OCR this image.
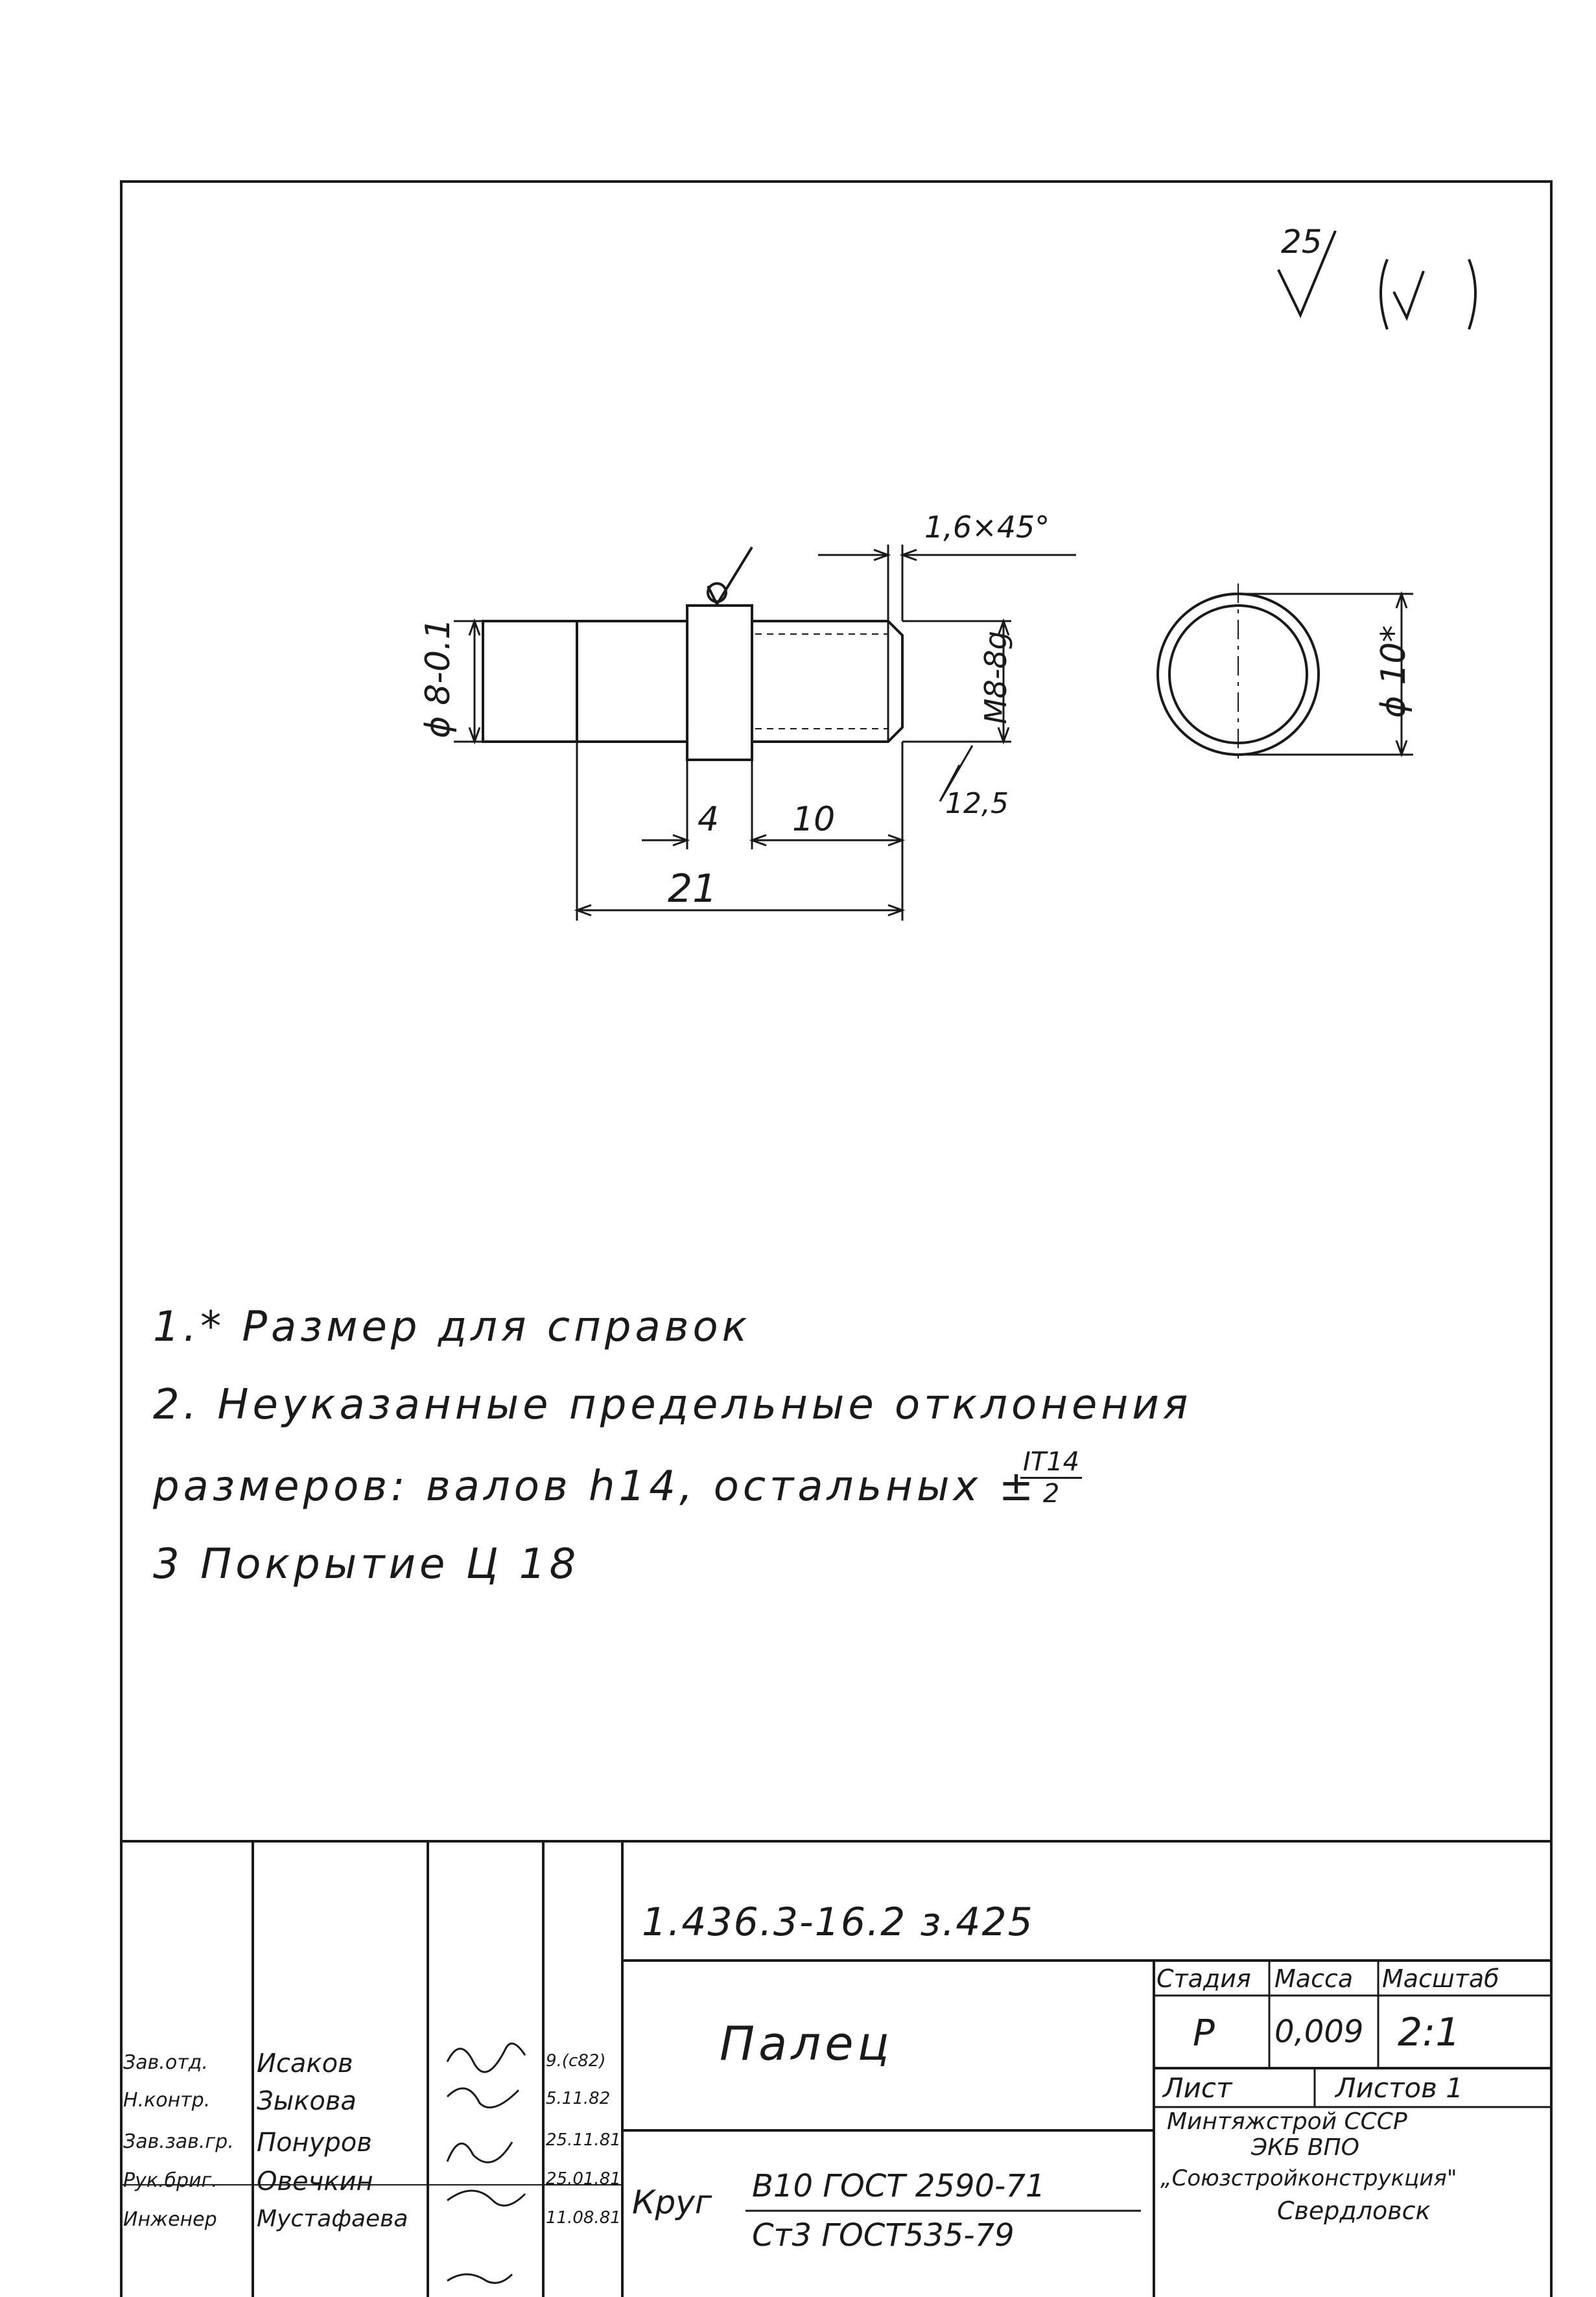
25
12,5
1,6×45°
ϕ 8-0.1	M8-8g
4 10
21
ϕ 10*
1.* Размер для справок
2. Неуказанные предельные отклонения
размеров: валов h14, остальных ±
$\frac{IT14}{2}$
3 Покрытие Ц 18
1.436.3-16.2 з.425
Палец
Стадия Масса Масштаб
Р 0,009 2:1
Лист	Листов 1
Минтяжстрой СССР
ЭКБ ВПО
„Союзстройконструкция"
Свердловск
Круг В10 ГОСТ 2590-71
Ст3 ГОСТ535-79
Зав.отд. Исаков	9.(с82)
Н.контр. Зыкова	5.11.82
Зав.зав.гр. Понуров	25.11.81
Рук.бриг. Овечкин	25.01.81
Инженер Мустафаева	11.08.81
